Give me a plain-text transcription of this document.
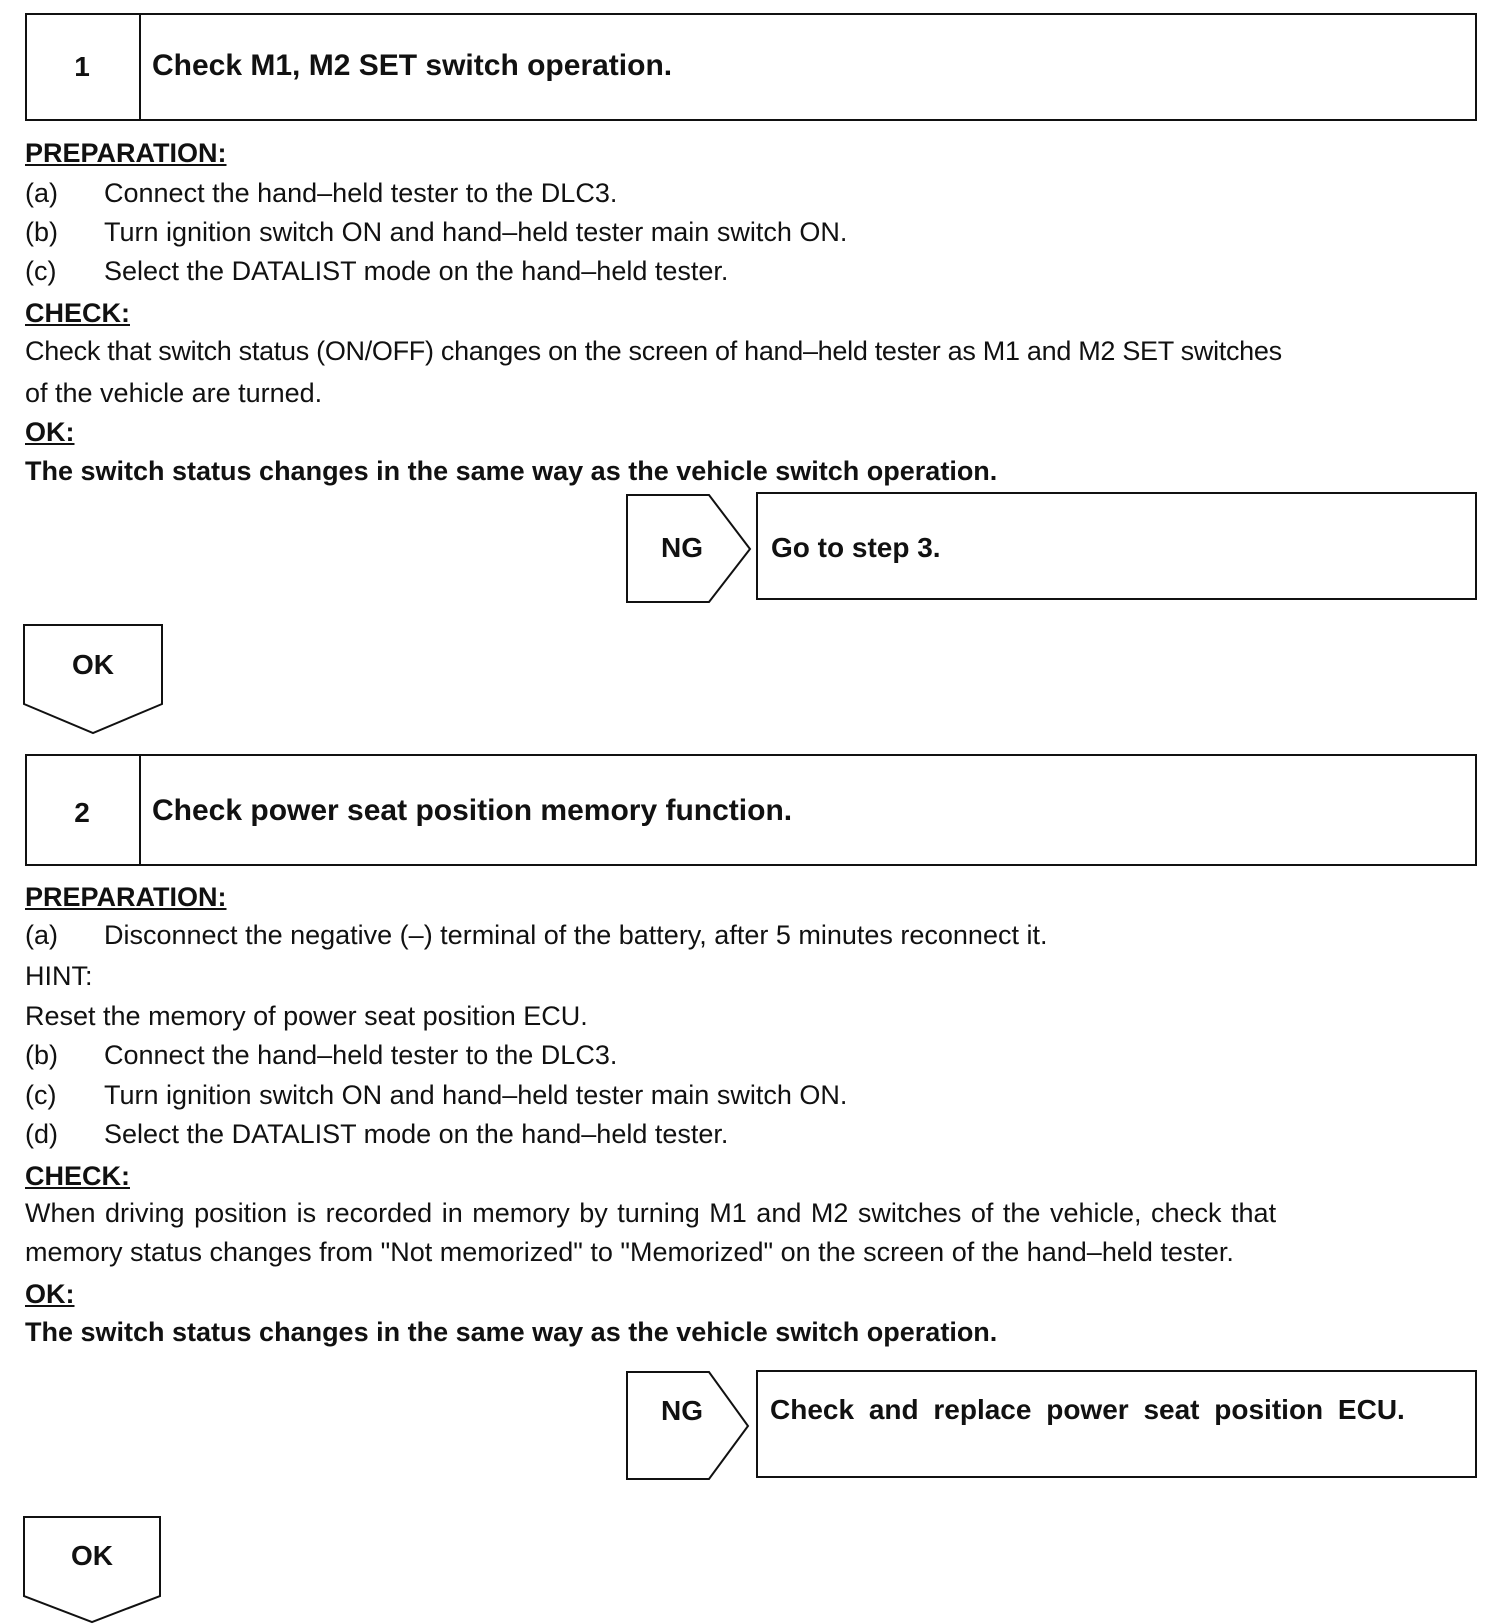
1	Check M1, M2 SET switch operation.
PREPARATION:
(a) Connect the hand–held tester to the DLC3.
(b) Turn ignition switch ON and hand–held tester main switch ON.
(c) Select the DATALIST mode on the hand–held tester.
CHECK:
Check that switch status (ON/OFF) changes on the screen of hand–held tester as M1 and M2 SET switches
of the vehicle are turned.
OK:
The switch status changes in the same way as the vehicle switch operation.
NG	Go to step 3.
OK
2	Check power seat position memory function.
PREPARATION:
(a) Disconnect the negative (–) terminal of the battery, after 5 minutes reconnect it.
HINT:
Reset the memory of power seat position ECU.
(b) Connect the hand–held tester to the DLC3.
(c) Turn ignition switch ON and hand–held tester main switch ON.
(d) Select the DATALIST mode on the hand–held tester.
CHECK:
When driving position is recorded in memory by turning M1 and M2 switches of the vehicle, check that
memory status changes from "Not memorized" to "Memorized" on the screen of the hand–held tester.
OK:
The switch status changes in the same way as the vehicle switch operation.
NG	Check and replace power seat position ECU.
OK
